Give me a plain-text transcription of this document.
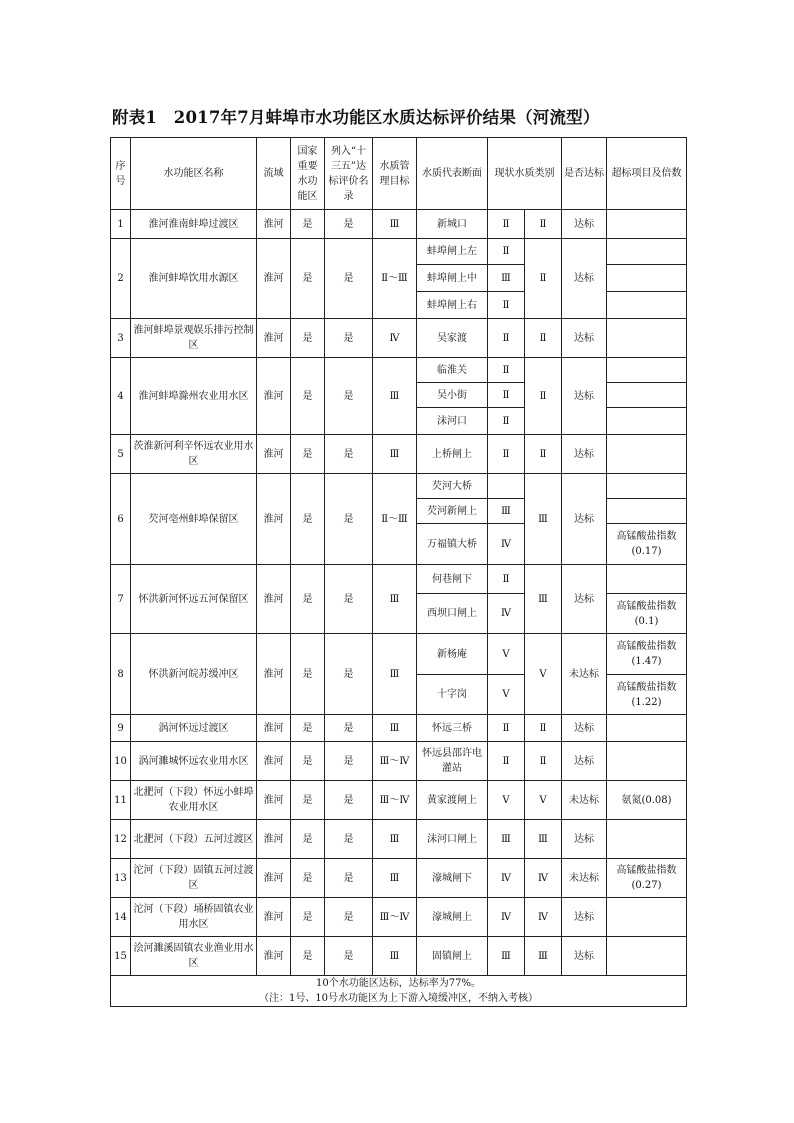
附表1　2017年7月蚌埠市水功能区水质达标评价结果（河流型）
序号	水功能区名称	流域	国家重要水功能区	列入“十三五”达标评价名录	水质管理目标	水质代表断面	现状水质类别		是否达标	超标项目及倍数
1	淮河淮南蚌埠过渡区	淮河	是	是	Ⅲ	新城口	Ⅱ	Ⅱ	达标	
2	淮河蚌埠饮用水源区	淮河	是	是	Ⅱ～Ⅲ	蚌埠闸上左	Ⅱ	Ⅱ	达标	
						蚌埠闸上中	Ⅲ			
						蚌埠闸上右	Ⅱ			
3	淮河蚌埠景观娱乐排污控制区	淮河	是	是	Ⅳ	吴家渡	Ⅱ	Ⅱ	达标	
4	淮河蚌埠滁州农业用水区	淮河	是	是	Ⅲ	临淮关	Ⅱ	Ⅱ	达标	
						吴小街	Ⅱ			
						沫河口	Ⅱ			
5	茨淮新河利辛怀远农业用水区	淮河	是	是	Ⅲ	上桥闸上	Ⅱ	Ⅱ	达标	
6	芡河亳州蚌埠保留区	淮河	是	是	Ⅱ～Ⅲ	芡河大桥		Ⅲ	达标	
						芡河新闸上	Ⅲ			
						万福镇大桥	Ⅳ			高锰酸盐指数(0.17)
7	怀洪新河怀远五河保留区	淮河	是	是	Ⅲ	何巷闸下	Ⅱ	Ⅲ	达标	
						西坝口闸上	Ⅳ			高锰酸盐指数(0.1)
8	怀洪新河皖苏缓冲区	淮河	是	是	Ⅲ	新杨庵	Ⅴ	Ⅴ	未达标	高锰酸盐指数(1.47)
						十字岗	Ⅴ			高锰酸盐指数(1.22)
9	涡河怀远过渡区	淮河	是	是	Ⅲ	怀远三桥	Ⅱ	Ⅱ	达标	
10	涡河濉城怀远农业用水区	淮河	是	是	Ⅲ～Ⅳ	怀远县邵许电灌站	Ⅱ	Ⅱ	达标	
11	北淝河（下段）怀远小蚌埠农业用水区	淮河	是	是	Ⅲ～Ⅳ	黄家渡闸上	Ⅴ	Ⅴ	未达标	氨氮(0.08)
12	北淝河（下段）五河过渡区	淮河	是	是	Ⅲ	沫河口闸上	Ⅲ	Ⅲ	达标	
13	沱河（下段）固镇五河过渡区	淮河	是	是	Ⅲ	濠城闸下	Ⅳ	Ⅳ	未达标	高锰酸盐指数(0.27)
14	沱河（下段）埇桥固镇农业用水区	淮河	是	是	Ⅲ～Ⅳ	濠城闸上	Ⅳ	Ⅳ	达标	
15	浍河濉溪固镇农业渔业用水区	淮河	是	是	Ⅲ	固镇闸上	Ⅲ	Ⅲ	达标	

10个水功能区达标，达标率为77%。
（注：1号、10号水功能区为上下游入境缓冲区，不纳入考核）										
